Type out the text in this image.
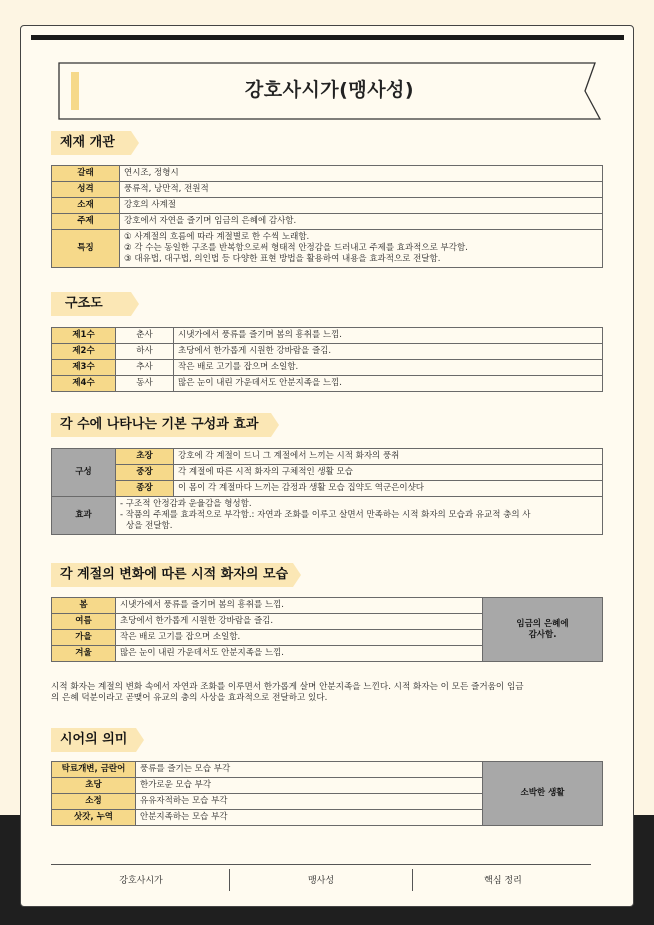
강호사시가(맹사성)
제재 개관
갈래	연시조, 정형시
성격	풍류적, 낭만적, 전원적
소재	강호의 사계절
주제	강호에서 자연을 즐기며 임금의 은혜에 감사함.
특징	① 사계절의 흐름에 따라 계절별로 한 수씩 노래함.
② 각 수는 동일한 구조를 반복함으로써 형태적 안정감을 드러내고 주제를 효과적으로 부각함.
③ 대유법, 대구법, 의인법 등 다양한 표현 방법을 활용하여 내용을 효과적으로 전달함.
구조도
제1수	춘사	시냇가에서 풍류를 즐기며 봄의 흥취를 느낌.
제2수	하사	초당에서 한가롭게 시원한 강바람을 즐김.
제3수	추사	작은 배로 고기를 잡으며 소일함.
제4수	동사	많은 눈이 내린 가운데서도 안분지족을 느낌.
각 수에 나타나는 기본 구성과 효과
구성	초장	강호에 각 계절이 드니 그 계절에서 느끼는 시적 화자의 풍취
	중장	각 계절에 따른 시적 화자의 구체적인 생활 모습
	종장	이 몸이 각 계절마다 느끼는 감정과 생활 모습 집약도 역군은이샷다
효과	- 구조적 안정감과 운율감을 형성함.
- 작품의 주제를 효과적으로 부각함.: 자연과 조화를 이루고 살면서 만족하는 시적 화자의 모습과 유교적 충의 사
상을 전달함.	
각 계절의 변화에 따른 시적 화자의 모습
봄	시냇가에서 풍류를 즐기며 봄의 흥취를 느낌.	임금의 은혜에
감사함.

여름	초당에서 한가롭게 시원한 강바람을 즐김.	
가을	작은 배로 고기를 잡으며 소일함.	
겨울	많은 눈이 내린 가운데서도 안분지족을 느낌.	
시적 화자는 계절의 변화 속에서 자연과 조화를 이루면서 한가롭게 살며 안분지족을 느낀다. 시적 화자는 이 모든 즐거움이 임금
의 은혜 덕분이라고 곧맺어 유교의 충의 사상을 효과적으로 전달하고 있다.
시어의 의미
탁료개변, 금란어	풍류를 즐기는 모습 부각	소박한 생활
초당	한가로운 모습 부각	
소정	유유자적하는 모습 부각	
삿갓, 누역	안분지족하는 모습 부각	
강호사시가	맹사성	핵심 정리
